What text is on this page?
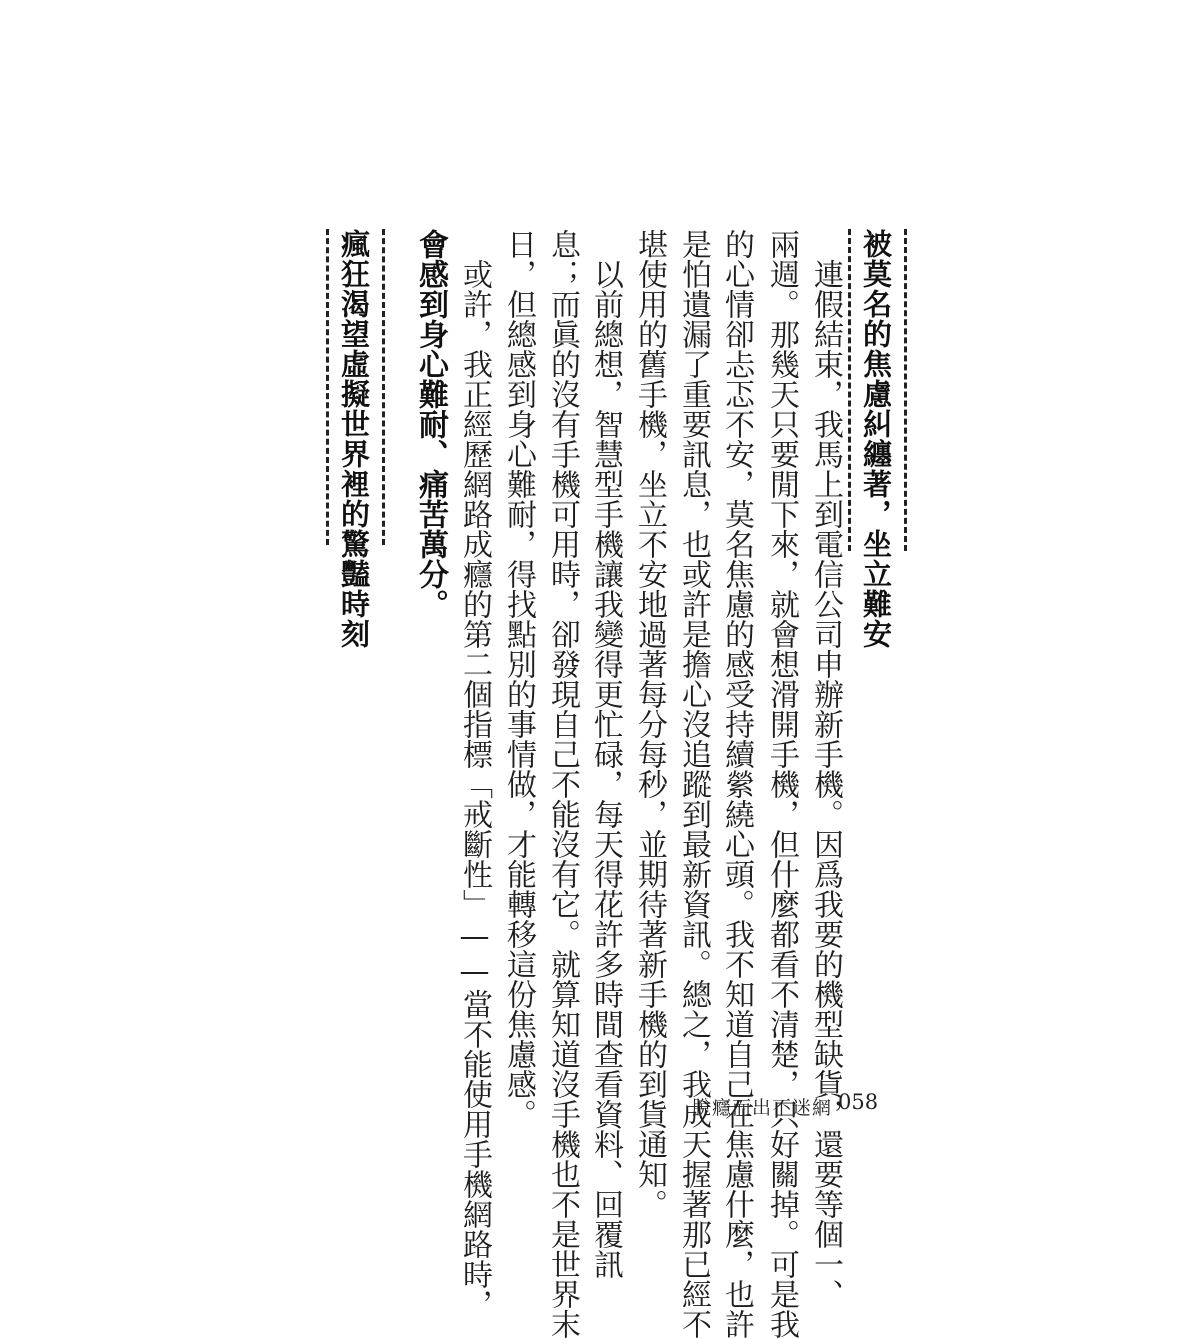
被莫名的焦慮糾纏著，坐立難安
　連假結束，我馬上到電信公司申辦新手機。因爲我要的機型缺貨，還要等個一、
兩週。那幾天只要閒下來，就會想滑開手機，但什麼都看不清楚，只好關掉。可是我
的心情卻忐忑不安，莫名焦慮的感受持續縈繞心頭。我不知道自己在焦慮什麼，也許
是怕遺漏了重要訊息，也或許是擔心沒追蹤到最新資訊。總之，我成天握著那已經不
堪使用的舊手機，坐立不安地過著每分每秒，並期待著新手機的到貨通知。
　以前總想，智慧型手機讓我變得更忙碌，每天得花許多時間查看資料、回覆訊
息；而眞的沒有手機可用時，卻發現自己不能沒有它。就算知道沒手機也不是世界末
日，但總感到身心難耐，得找點別的事情做，才能轉移這份焦慮感。
　或許，我正經歷網路成癮的第二個指標「戒斷性」——當不能使用手機網路時，
會感到身心難耐、痛苦萬分。
瘋狂渴望虛擬世界裡的驚豔時刻
脫癮而出不迷網 058
